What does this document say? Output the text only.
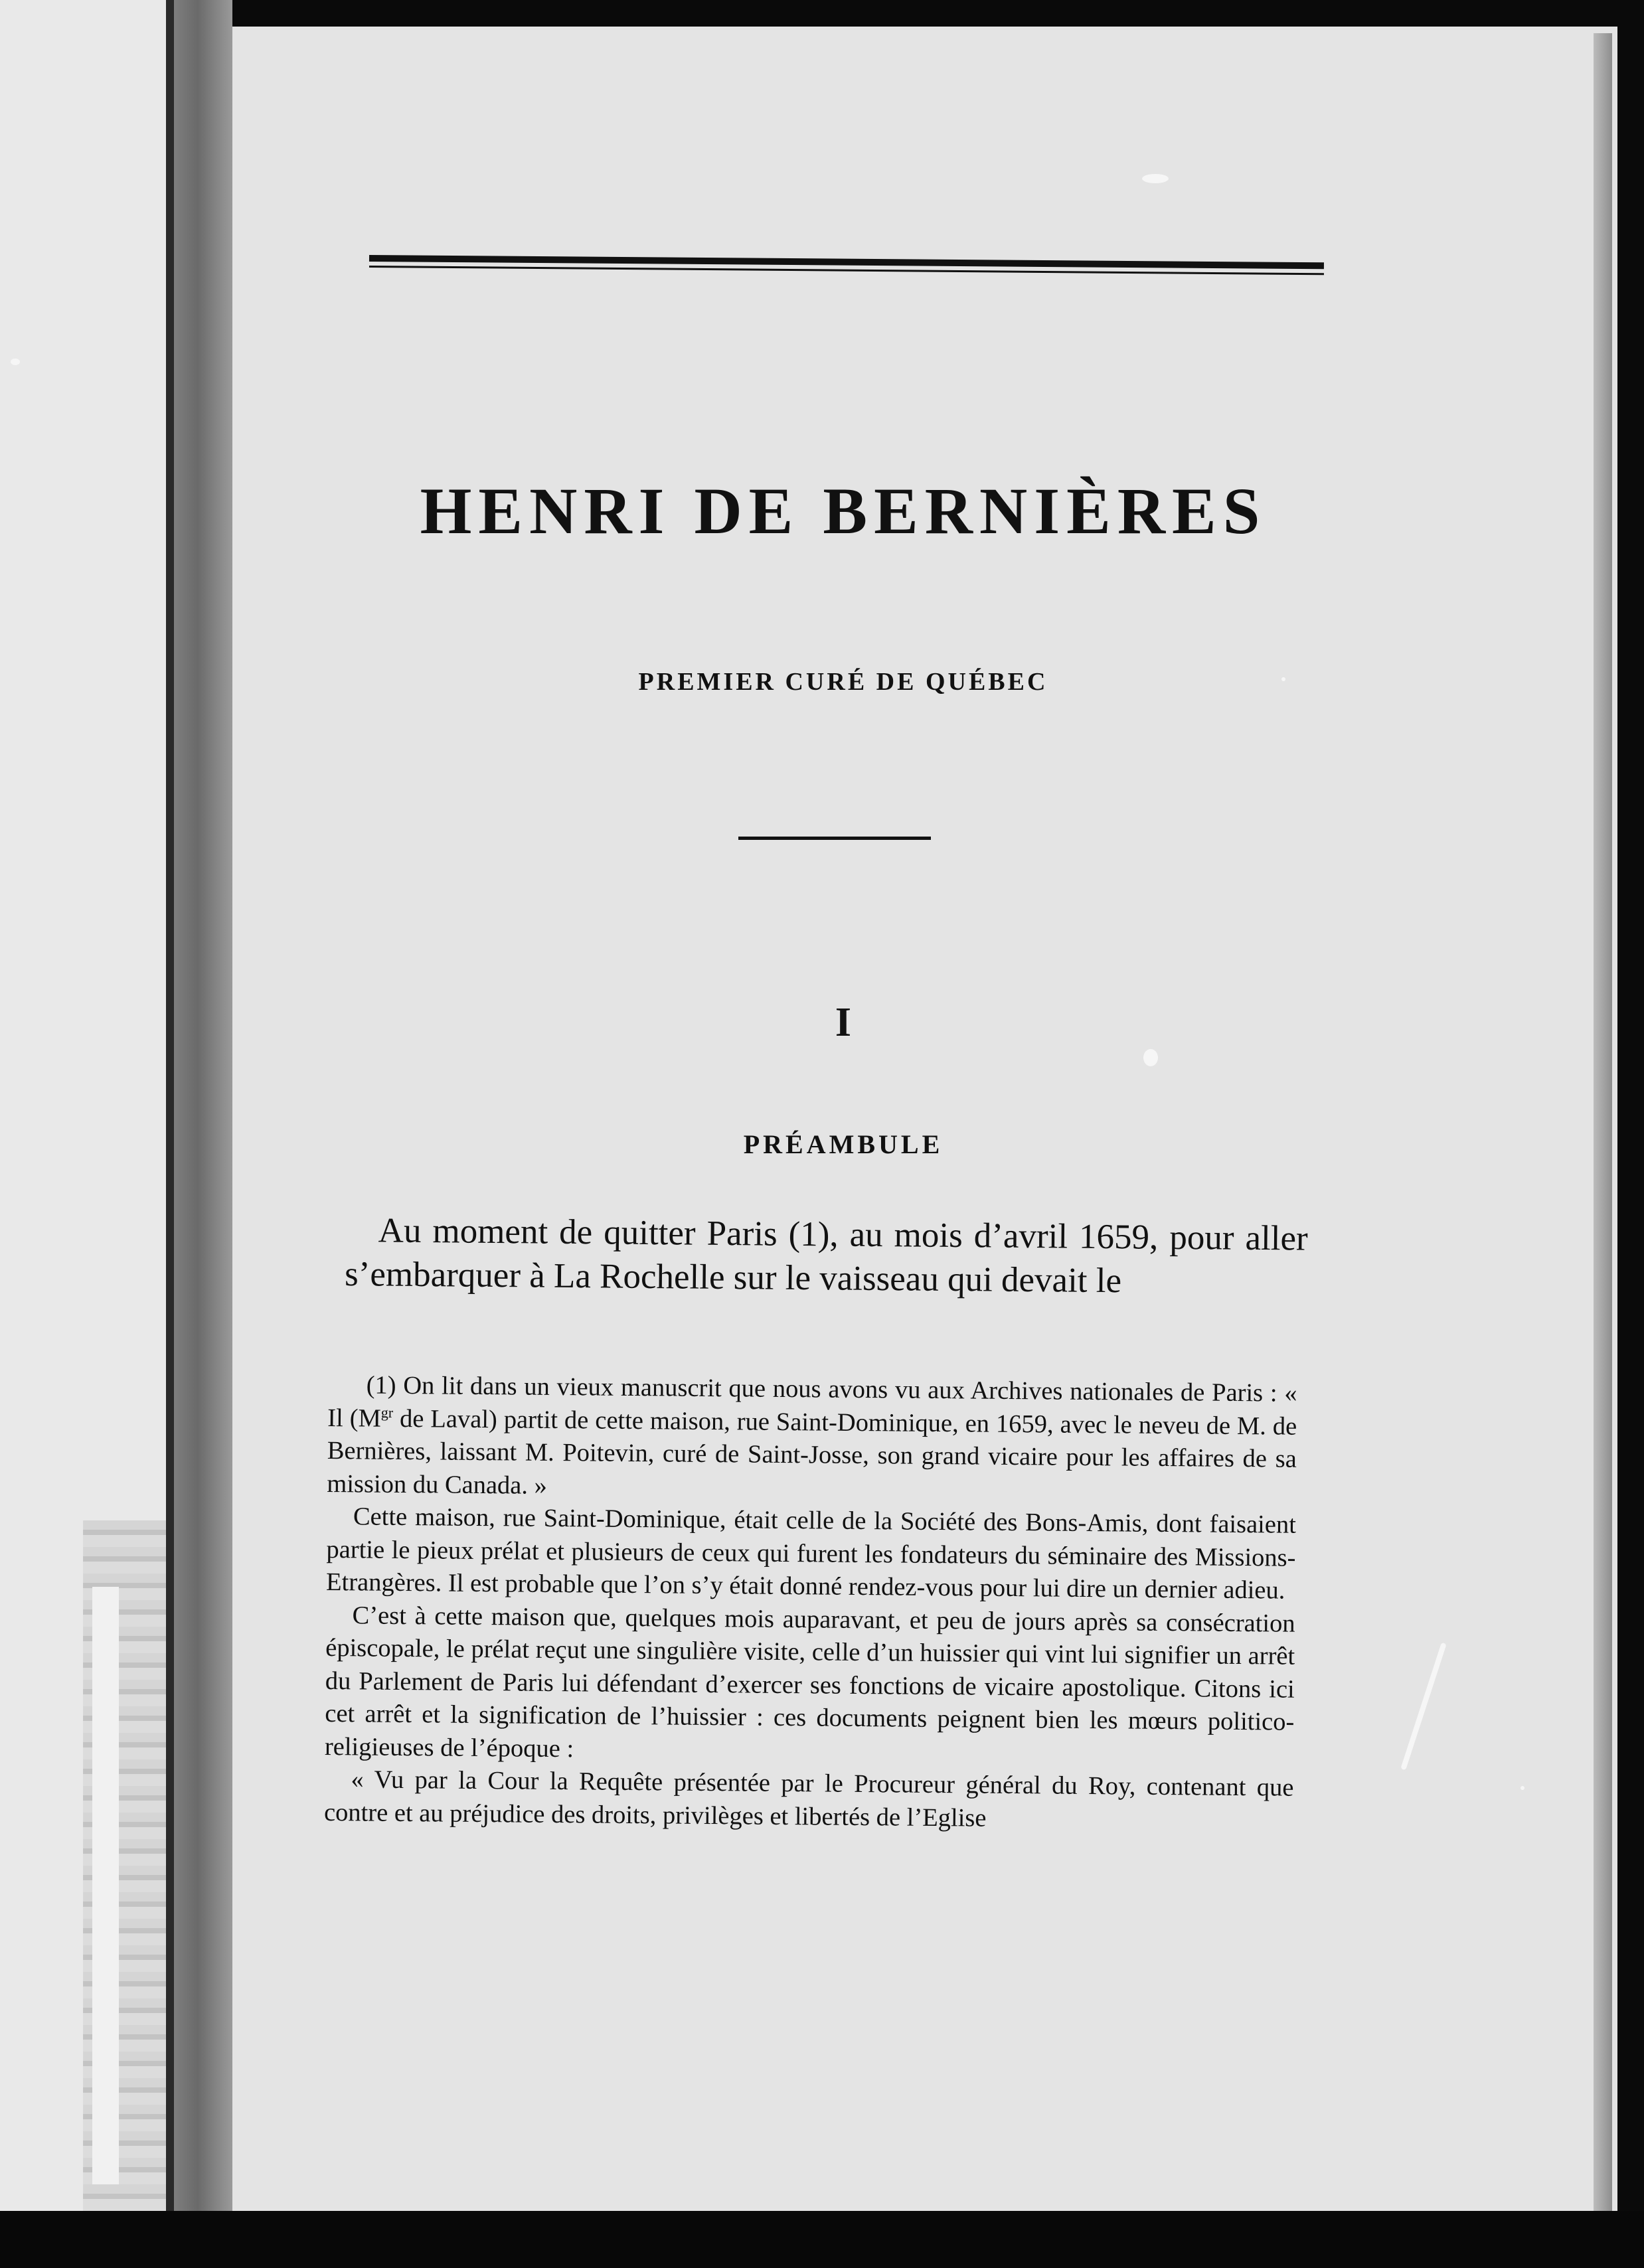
HENRI DE BERNIÈRES
PREMIER CURÉ DE QUÉBEC
I
PRÉAMBULE

Au moment de quitter Paris (1), au mois d’avril 1659, pour aller s’embarquer à La Rochelle sur le vaisseau qui devait le

(1) On lit dans un vieux manuscrit que nous avons vu aux Archives nationales de Paris : « Il ($M^{gr}$ de Laval) partit de cette maison, rue Saint-Dominique, en 1659, avec le neveu de M. de Bernières, laissant M. Poitevin, curé de Saint-Josse, son grand vicaire pour les affaires de sa mission du Canada. »

Cette maison, rue Saint-Dominique, était celle de la Société des Bons-Amis, dont faisaient partie le pieux prélat et plusieurs de ceux qui furent les fondateurs du séminaire des Missions-Etrangères. Il est probable que l’on s’y était donné rendez-vous pour lui dire un dernier adieu.

C’est à cette maison que, quelques mois auparavant, et peu de jours après sa consécration épiscopale, le prélat reçut une singulière visite, celle d’un huissier qui vint lui signifier un arrêt du Parlement de Paris lui défendant d’exercer ses fonctions de vicaire apostolique. Citons ici cet arrêt et la signification de l’huissier : ces documents peignent bien les mœurs politico-religieuses de l’époque :

« Vu par la Cour la Requête présentée par le Procureur général du Roy, contenant que contre et au préjudice des droits, privilèges et libertés de l’Eglise
